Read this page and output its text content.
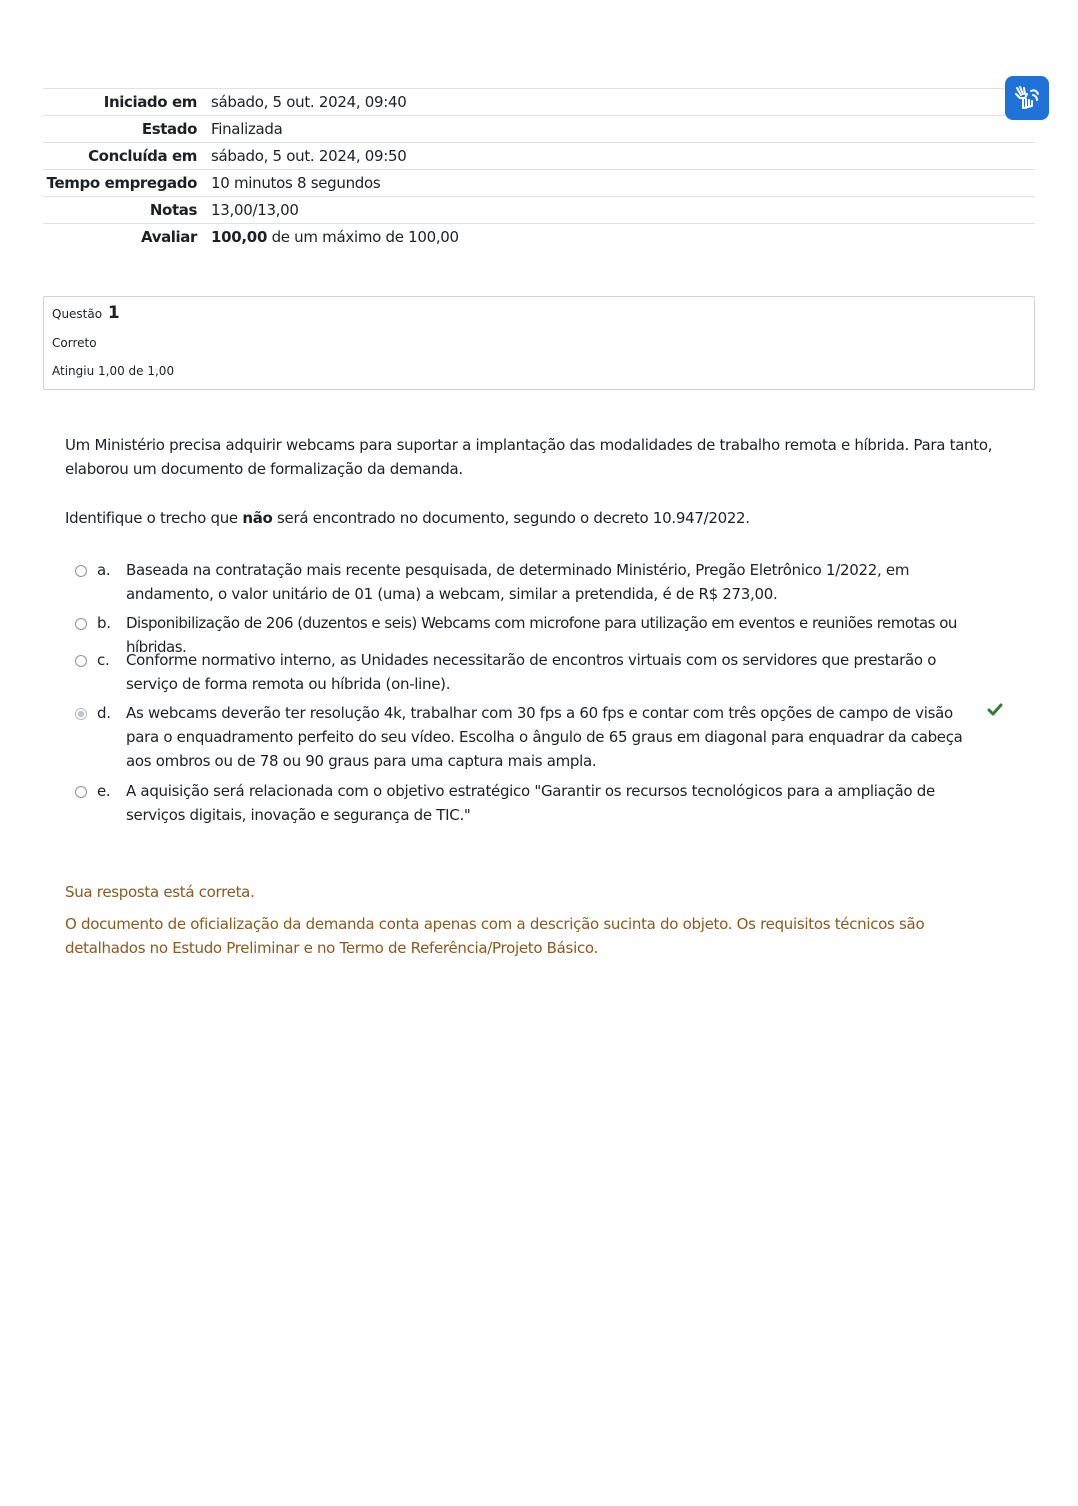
Iniciado em	sábado, 5 out. 2024, 09:40
Estado	Finalizada
Concluída em	sábado, 5 out. 2024, 09:50
Tempo empregado	10 minutos 8 segundos
Notas	13,00/13,00
Avaliar	100,00 de um máximo de 100,00
Questão 1
Correto
Atingiu 1,00 de 1,00

Um Ministério precisa adquirir webcams para suportar a implantação das modalidades de trabalho remota e híbrida. Para tanto, elaborou um documento de formalização da demanda.

Identifique o trecho que não será encontrado no documento, segundo o decreto 10.947/2022.

a. Baseada na contratação mais recente pesquisada, de determinado Ministério, Pregão Eletrônico 1/2022, em andamento, o valor unitário de 01 (uma) a webcam, similar a pretendida, é de R$ 273,00.
b. Disponibilização de 206 (duzentos e seis) Webcams com microfone para utilização em eventos e reuniões remotas ou híbridas.
c. Conforme normativo interno, as Unidades necessitarão de encontros virtuais com os servidores que prestarão o serviço de forma remota ou híbrida (on-line).
d. As webcams deverão ter resolução 4k, trabalhar com 30 fps a 60 fps e contar com três opções de campo de visão para o enquadramento perfeito do seu vídeo. Escolha o ângulo de 65 graus em diagonal para enquadrar da cabeça aos ombros ou de 78 ou 90 graus para uma captura mais ampla.
e. A aquisição será relacionada com o objetivo estratégico "Garantir os recursos tecnológicos para a ampliação de serviços digitais, inovação e segurança de TIC."
Sua resposta está correta.
O documento de oficialização da demanda conta apenas com a descrição sucinta do objeto. Os requisitos técnicos são detalhados no Estudo Preliminar e no Termo de Referência/Projeto Básico.
